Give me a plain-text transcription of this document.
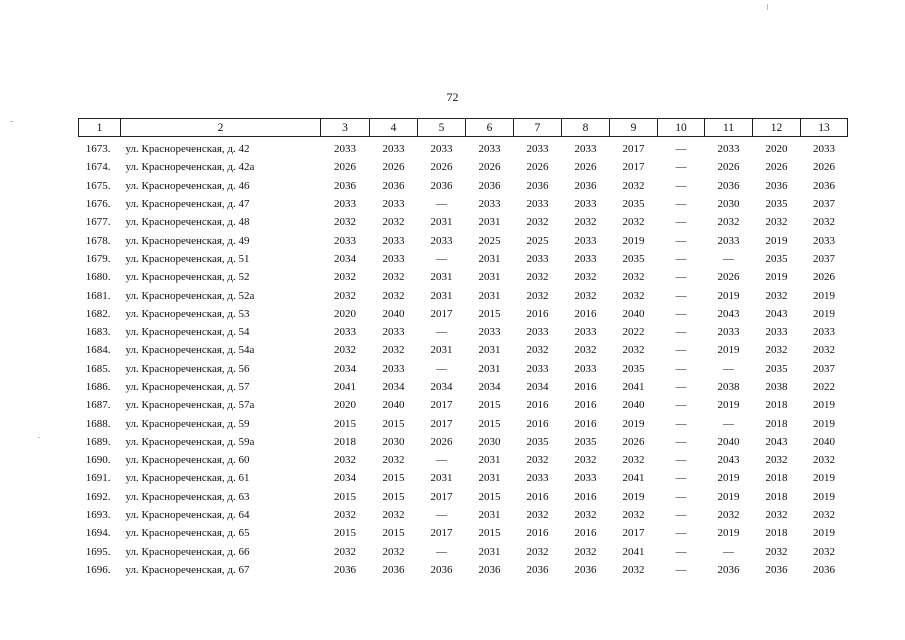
72
1	2	3	4	5	6	7	8	9	10	11	12	13
1673.	ул. Краснореченская, д. 42	2033	2033	2033	2033	2033	2033	2017	—	2033	2020	2033
1674.	ул. Краснореченская, д. 42а	2026	2026	2026	2026	2026	2026	2017	—	2026	2026	2026
1675.	ул. Краснореченская, д. 46	2036	2036	2036	2036	2036	2036	2032	—	2036	2036	2036
1676.	ул. Краснореченская, д. 47	2033	2033	—	2033	2033	2033	2035	—	2030	2035	2037
1677.	ул. Краснореченская, д. 48	2032	2032	2031	2031	2032	2032	2032	—	2032	2032	2032
1678.	ул. Краснореченская, д. 49	2033	2033	2033	2025	2025	2033	2019	—	2033	2019	2033
1679.	ул. Краснореченская, д. 51	2034	2033	—	2031	2033	2033	2035	—	—	2035	2037
1680.	ул. Краснореченская, д. 52	2032	2032	2031	2031	2032	2032	2032	—	2026	2019	2026
1681.	ул. Краснореченская, д. 52а	2032	2032	2031	2031	2032	2032	2032	—	2019	2032	2019
1682.	ул. Краснореченская, д. 53	2020	2040	2017	2015	2016	2016	2040	—	2043	2043	2019
1683.	ул. Краснореченская, д. 54	2033	2033	—	2033	2033	2033	2022	—	2033	2033	2033
1684.	ул. Краснореченская, д. 54а	2032	2032	2031	2031	2032	2032	2032	—	2019	2032	2032
1685.	ул. Краснореченская, д. 56	2034	2033	—	2031	2033	2033	2035	—	—	2035	2037
1686.	ул. Краснореченская, д. 57	2041	2034	2034	2034	2034	2016	2041	—	2038	2038	2022
1687.	ул. Краснореченская, д. 57а	2020	2040	2017	2015	2016	2016	2040	—	2019	2018	2019
1688.	ул. Краснореченская, д. 59	2015	2015	2017	2015	2016	2016	2019	—	—	2018	2019
1689.	ул. Краснореченская, д. 59а	2018	2030	2026	2030	2035	2035	2026	—	2040	2043	2040
1690.	ул. Краснореченская, д. 60	2032	2032	—	2031	2032	2032	2032	—	2043	2032	2032
1691.	ул. Краснореченская, д. 61	2034	2015	2031	2031	2033	2033	2041	—	2019	2018	2019
1692.	ул. Краснореченская, д. 63	2015	2015	2017	2015	2016	2016	2019	—	2019	2018	2019
1693.	ул. Краснореченская, д. 64	2032	2032	—	2031	2032	2032	2032	—	2032	2032	2032
1694.	ул. Краснореченская, д. 65	2015	2015	2017	2015	2016	2016	2017	—	2019	2018	2019
1695.	ул. Краснореченская, д. 66	2032	2032	—	2031	2032	2032	2041	—	—	2032	2032
1696.	ул. Краснореченская, д. 67	2036	2036	2036	2036	2036	2036	2032	—	2036	2036	2036
